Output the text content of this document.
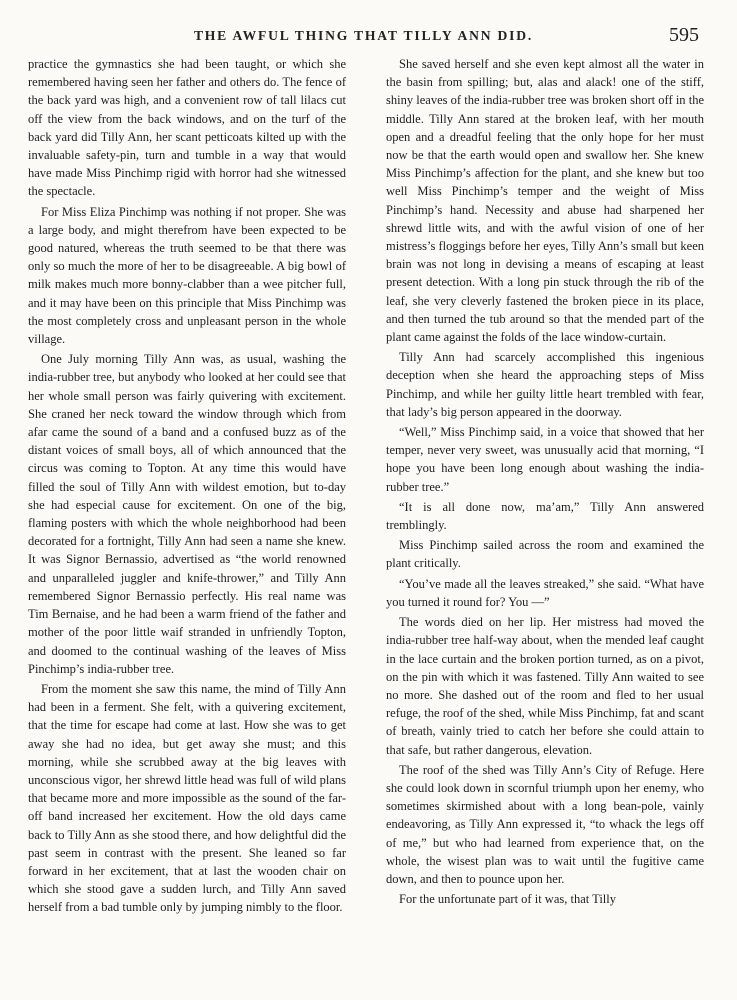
THE AWFUL THING THAT TILLY ANN DID.	595

practice the gymnastics she had been taught, or which she remembered having seen her father and others do. The fence of the back yard was high, and a convenient row of tall lilacs cut off the view from the back windows, and on the turf of the back yard did Tilly Ann, her scant petticoats kilted up with the invaluable safety-pin, turn and tumble in a way that would have made Miss Pinchimp rigid with horror had she witnessed the spectacle.

For Miss Eliza Pinchimp was nothing if not proper. She was a large body, and might therefrom have been expected to be good natured, whereas the truth seemed to be that there was only so much the more of her to be disagreeable. A big bowl of milk makes much more bonny-clabber than a wee pitcher full, and it may have been on this principle that Miss Pinchimp was the most completely cross and unpleasant person in the whole village.

One July morning Tilly Ann was, as usual, washing the india-rubber tree, but anybody who looked at her could see that her whole small person was fairly quivering with excitement. She craned her neck toward the window through which from afar came the sound of a band and a confused buzz as of the distant voices of small boys, all of which announced that the circus was coming to Topton. At any time this would have filled the soul of Tilly Ann with wildest emotion, but to-day she had especial cause for excitement. On one of the big, flaming posters with which the whole neighborhood had been decorated for a fortnight, Tilly Ann had seen a name she knew. It was Signor Bernassio, advertised as “the world renowned and unparalleled juggler and knife-thrower,” and Tilly Ann remembered Signor Bernassio perfectly. His real name was Tim Bernaise, and he had been a warm friend of the father and mother of the poor little waif stranded in unfriendly Topton, and doomed to the continual washing of the leaves of Miss Pinchimp’s india-rubber tree.

From the moment she saw this name, the mind of Tilly Ann had been in a ferment. She felt, with a quivering excitement, that the time for escape had come at last. How she was to get away she had no idea, but get away she must; and this morning, while she scrubbed away at the big leaves with unconscious vigor, her shrewd little head was full of wild plans that became more and more impossible as the sound of the far-off band increased her excitement. How the old days came back to Tilly Ann as she stood there, and how delightful did the past seem in contrast with the present. She leaned so far forward in her excitement, that at last the wooden chair on which she stood gave a sudden lurch, and Tilly Ann saved herself from a bad tumble only by jumping nimbly to the floor.

She saved herself and she even kept almost all the water in the basin from spilling; but, alas and alack! one of the stiff, shiny leaves of the india-rubber tree was broken short off in the middle. Tilly Ann stared at the broken leaf, with her mouth open and a dreadful feeling that the only hope for her must now be that the earth would open and swallow her. She knew Miss Pinchimp’s affection for the plant, and she knew but too well Miss Pinchimp’s temper and the weight of Miss Pinchimp’s hand. Necessity and abuse had sharpened her shrewd little wits, and with the awful vision of one of her mistress’s floggings before her eyes, Tilly Ann’s small but keen brain was not long in devising a means of escaping at least present detection. With a long pin stuck through the rib of the leaf, she very cleverly fastened the broken piece in its place, and then turned the tub around so that the mended part of the plant came against the folds of the lace window-curtain.

Tilly Ann had scarcely accomplished this ingenious deception when she heard the approaching steps of Miss Pinchimp, and while her guilty little heart trembled with fear, that lady’s big person appeared in the doorway.

“Well,” Miss Pinchimp said, in a voice that showed that her temper, never very sweet, was unusually acid that morning, “I hope you have been long enough about washing the india-rubber tree.”

“It is all done now, ma’am,” Tilly Ann answered tremblingly.

Miss Pinchimp sailed across the room and examined the plant critically.

“You’ve made all the leaves streaked,” she said. “What have you turned it round for? You —”

The words died on her lip. Her mistress had moved the india-rubber tree half-way about, when the mended leaf caught in the lace curtain and the broken portion turned, as on a pivot, on the pin with which it was fastened. Tilly Ann waited to see no more. She dashed out of the room and fled to her usual refuge, the roof of the shed, while Miss Pinchimp, fat and scant of breath, vainly tried to catch her before she could attain to that safe, but rather dangerous, elevation.

The roof of the shed was Tilly Ann’s City of Refuge. Here she could look down in scornful triumph upon her enemy, who sometimes skirmished about with a long bean-pole, vainly endeavoring, as Tilly Ann expressed it, “to whack the legs off of me,” but who had learned from experience that, on the whole, the wisest plan was to wait until the fugitive came down, and then to pounce upon her.

For the unfortunate part of it was, that Tilly
